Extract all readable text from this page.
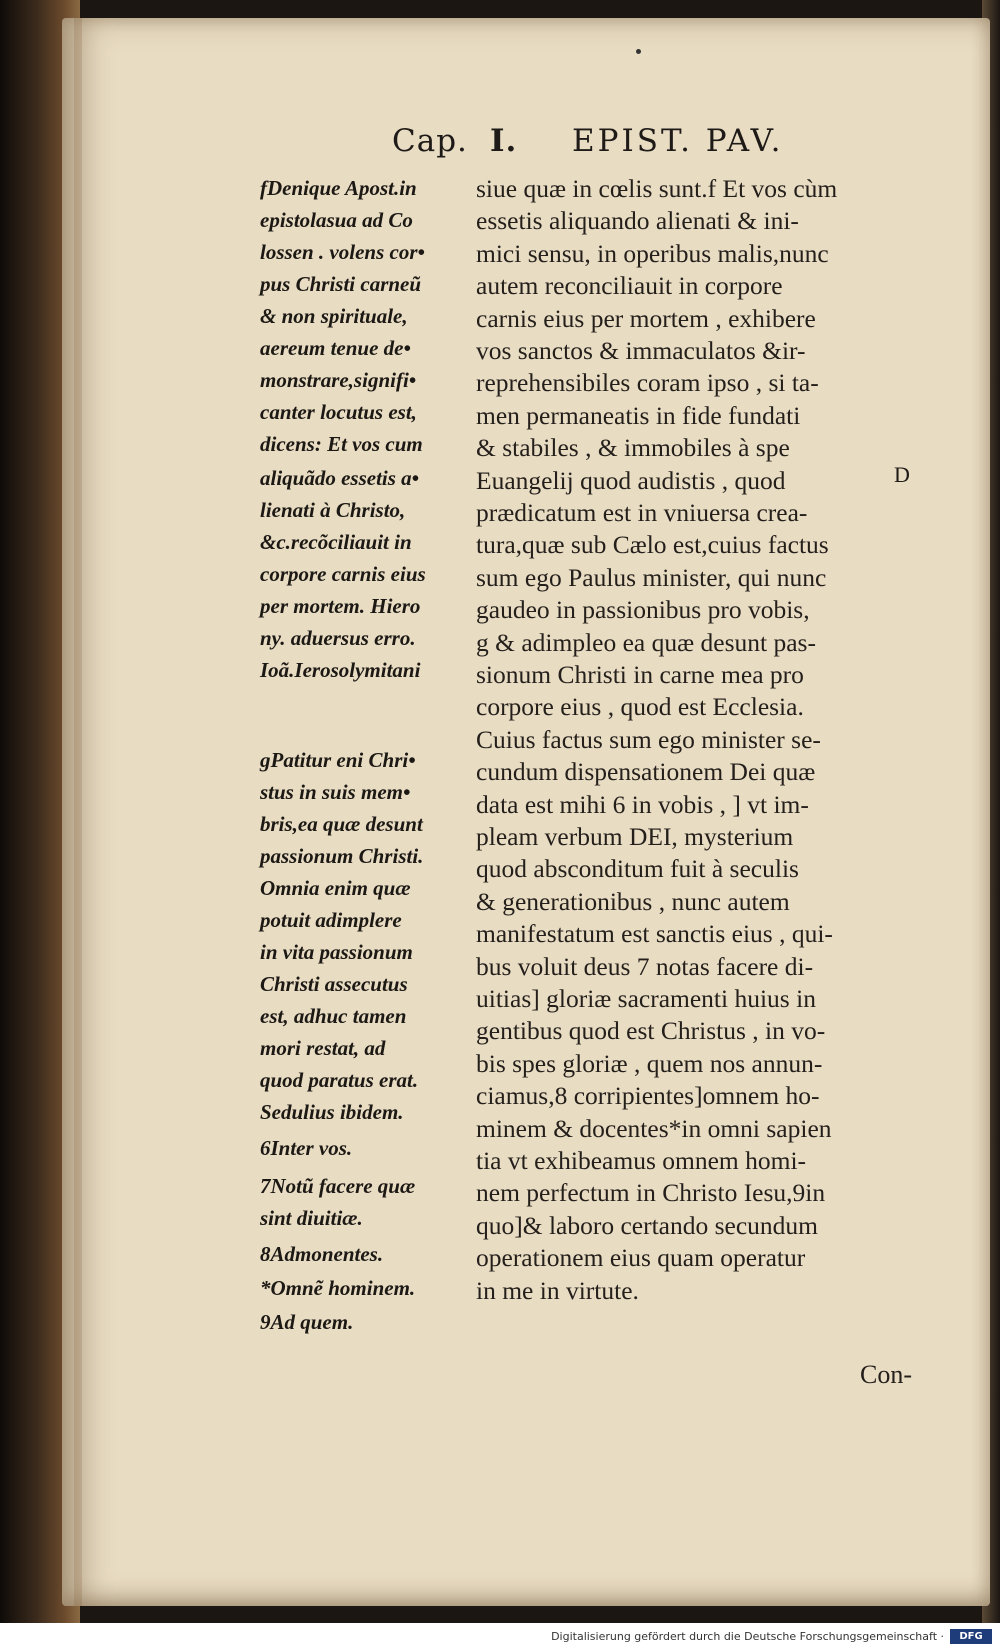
Cap. I. EPIST. PAV.
fDenique Apost.in
epistolasua ad Co
lossen . volens cor•
pus Christi carneũ
& non spirituale,
aereum tenue de•
monstrare,signifi•
canter locutus est,
dicens: Et vos cum
aliquãdo essetis a•
lienati à Christo,
&c.recõciliauit in
corpore carnis eius
per mortem. Hiero
ny. aduersus erro.
Ioã.Ierosolymitani
gPatitur eni Chri•
stus in suis mem•
bris,ea quæ desunt
passionum Christi.
Omnia enim quæ
potuit adimplere
in vita passionum
Christi assecutus
est, adhuc tamen
mori restat, ad
quod paratus erat.
Sedulius ibidem.
6Inter vos.
7Notũ facere quæ
sint diuitiæ.
8Admonentes.
*Omnẽ hominem.
9Ad quem.
siue quæ in cœlis sunt.f Et vos cùm
essetis aliquando alienati & ini-
mici sensu, in operibus malis,nunc
autem reconciliauit in corpore
carnis eius per mortem , exhibere
vos sanctos & immaculatos &ir-
reprehensibiles coram ipso , si ta-
men permaneatis in fide fundati
& stabiles , & immobiles à spe
Euangelij quod audistis , quod
prædicatum est in vniuersa crea-
tura,quæ sub Cælo est,cuius factus
sum ego Paulus minister, qui nunc
gaudeo in passionibus pro vobis,
g & adimpleo ea quæ desunt pas-
sionum Christi in carne mea pro
corpore eius , quod est Ecclesia.
Cuius factus sum ego minister se-
cundum dispensationem Dei quæ
data est mihi 6 in vobis , ] vt im-
pleam verbum DEI, mysterium
quod absconditum fuit à seculis
& generationibus , nunc autem
manifestatum est sanctis eius , qui-
bus voluit deus 7 notas facere di-
uitias] gloriæ sacramenti huius in
gentibus quod est Christus , in vo-
bis spes gloriæ , quem nos annun-
ciamus,8 corripientes]omnem ho-
minem & docentes*in omni sapien
tia vt exhibeamus omnem homi-
nem perfectum in Christo Iesu,9in
quo]& laboro certando secundum
operationem eius quam operatur
in me in virtute.
D
Con-
Digitalisierung gefördert durch die Deutsche Forschungsgemeinschaft ·	DFG
